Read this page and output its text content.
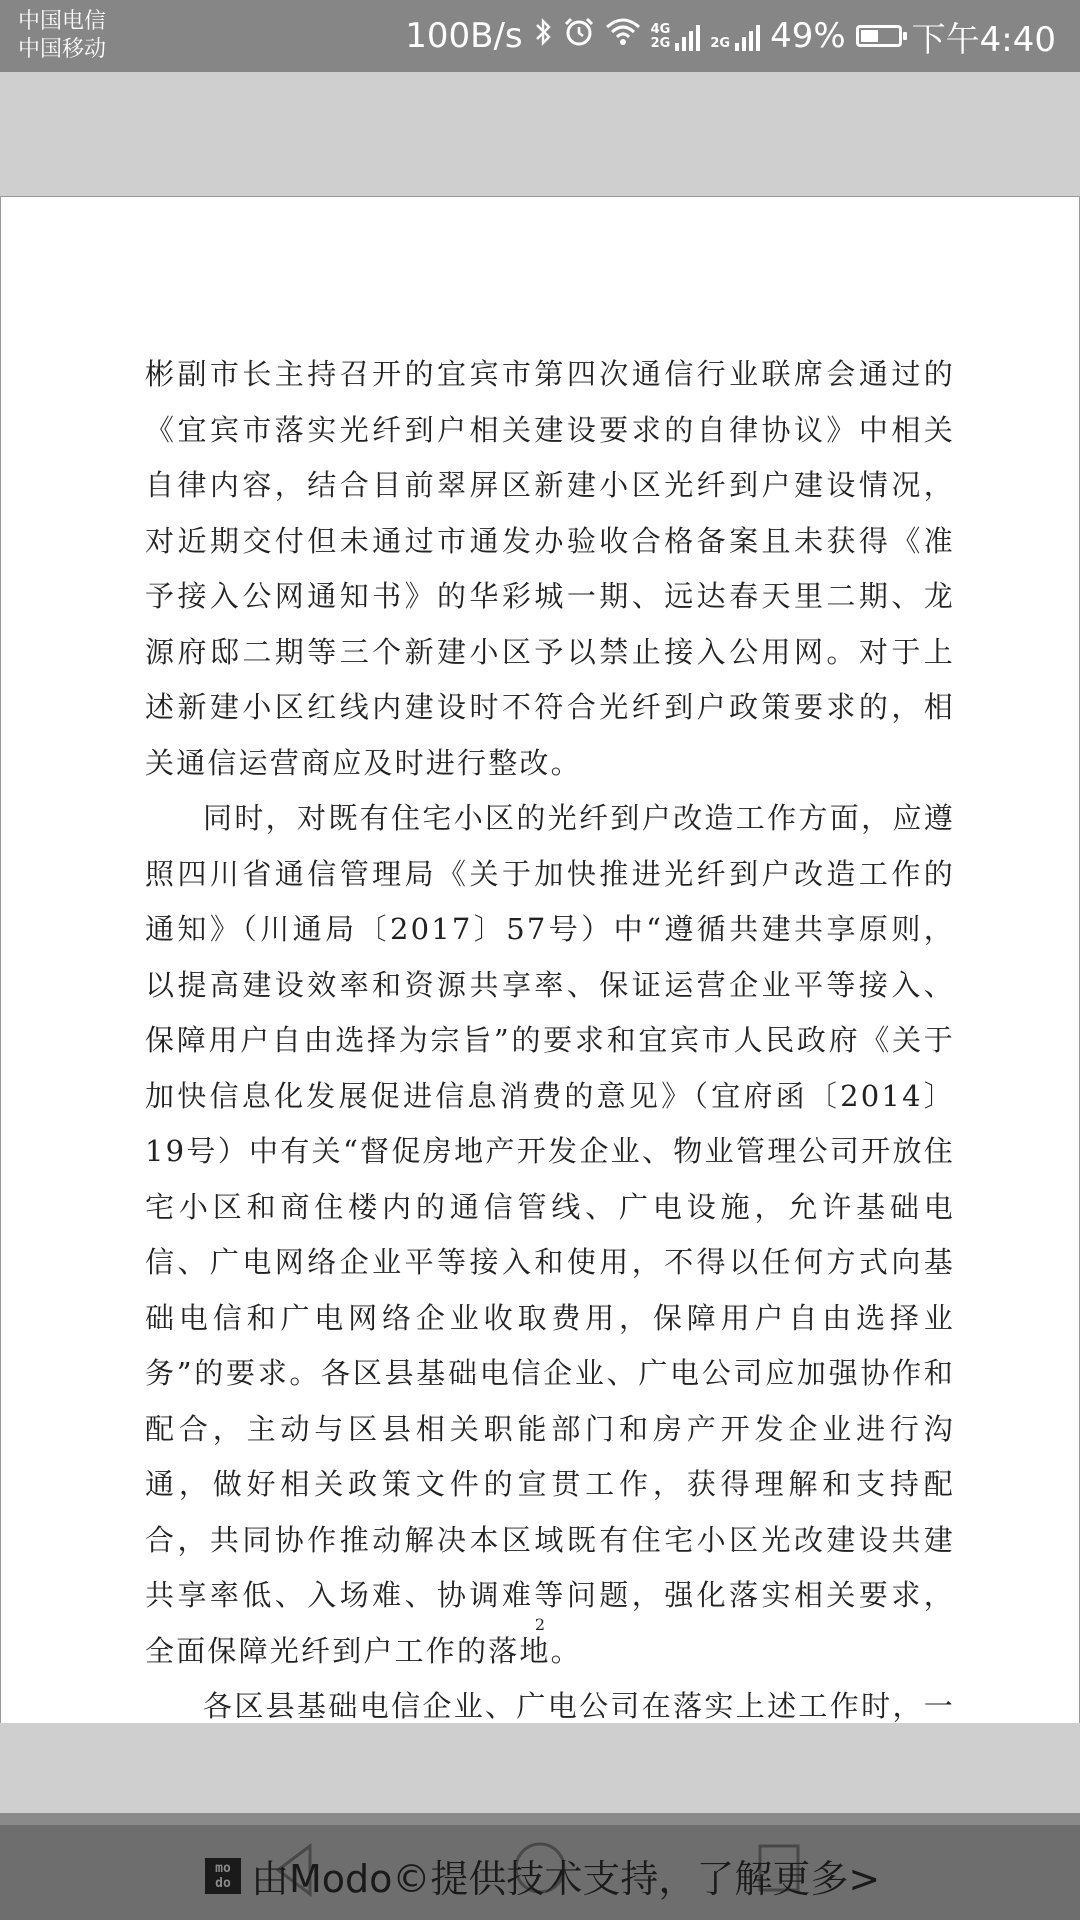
中国电信
中国移动	100B/s	4G
2G	2G 49% 下午4:40

彬副市长主持召开的宜宾市第四次通信行业联席会通过的《宜宾市落实光纤到户相关建设要求的自律协议》中相关自律内容，结合目前翠屏区新建小区光纤到户建设情况，对近期交付但未通过市通发办验收合格备案且未获得《准予接入公网通知书》的华彩城一期、远达春天里二期、龙源府邸二期等三个新建小区予以禁止接入公用网。对于上述新建小区红线内建设时不符合光纤到户政策要求的，相关通信运营商应及时进行整改。

同时，对既有住宅小区的光纤到户改造工作方面，应遵照四川省通信管理局《关于加快推进光纤到户改造工作的通知》（川通局〔2017〕57号）中“遵循共建共享原则，以提高建设效率和资源共享率、保证运营企业平等接入、保障用户自由选择为宗旨”的要求和宜宾市人民政府《关于加快信息化发展促进信息消费的意见》（宜府函〔2014〕19号）中有关“督促房地产开发企业、物业管理公司开放住宅小区和商住楼内的通信管线、广电设施，允许基础电信、广电网络企业平等接入和使用，不得以任何方式向基础电信和广电网络企业收取费用，保障用户自由选择业务”的要求。各区县基础电信企业、广电公司应加强协作和配合，主动与区县相关职能部门和房产开发企业进行沟通，做好相关政策文件的宣贯工作，获得理解和支持配合，共同协作推动解决本区域既有住宅小区光改建设共建共享率低、入场难、协调难等问题，强化落实相关要求，全面保障光纤到户工作的落地。

各区县基础电信企业、广电公司在落实上述工作时，一

2
mo
do 由Modo©提供技术支持，了解更多>
